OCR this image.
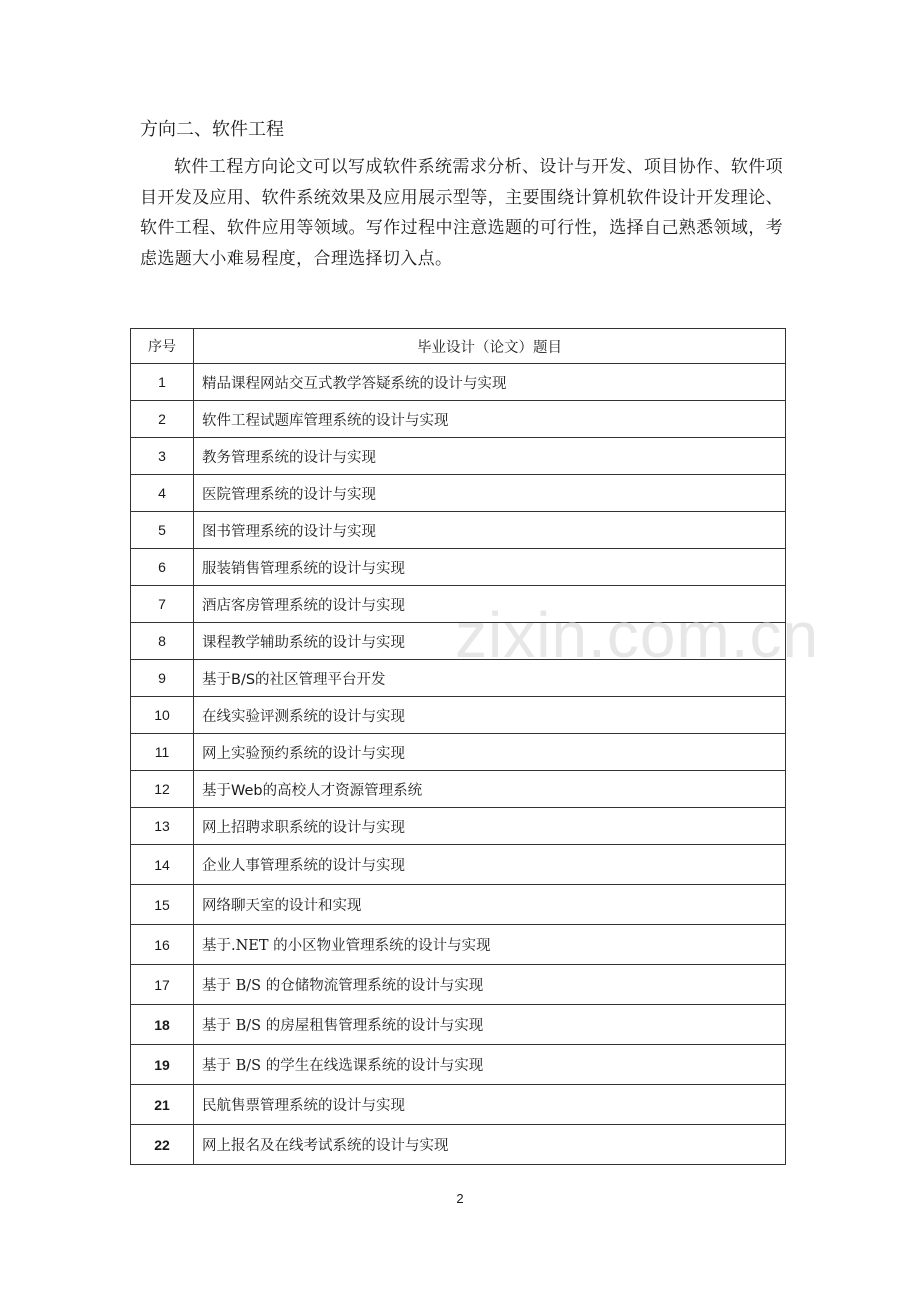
方向二、软件工程
软件工程方向论文可以写成软件系统需求分析、设计与开发、项目协作、软件项目开发及应用、软件系统效果及应用展示型等，主要围绕计算机软件设计开发理论、软件工程、软件应用等领域。写作过程中注意选题的可行性，选择自己熟悉领域，考虑选题大小难易程度，合理选择切入点。
序号	毕业设计（论文）题目
1	精品课程网站交互式教学答疑系统的设计与实现
2	软件工程试题库管理系统的设计与实现
3	教务管理系统的设计与实现
4	医院管理系统的设计与实现
5	图书管理系统的设计与实现
6	服装销售管理系统的设计与实现
7	酒店客房管理系统的设计与实现
8	课程教学辅助系统的设计与实现
9	基于B/S的社区管理平台开发
10	在线实验评测系统的设计与实现
11	网上实验预约系统的设计与实现
12	基于Web的高校人才资源管理系统
13	网上招聘求职系统的设计与实现
14	企业人事管理系统的设计与实现
15	网络聊天室的设计和实现
16	基于.NET 的小区物业管理系统的设计与实现
17	基于 B/S 的仓储物流管理系统的设计与实现
18	基于 B/S 的房屋租售管理系统的设计与实现
19	基于 B/S 的学生在线选课系统的设计与实现
21	民航售票管理系统的设计与实现
22	网上报名及在线考试系统的设计与实现
zixin.com.cn
2
